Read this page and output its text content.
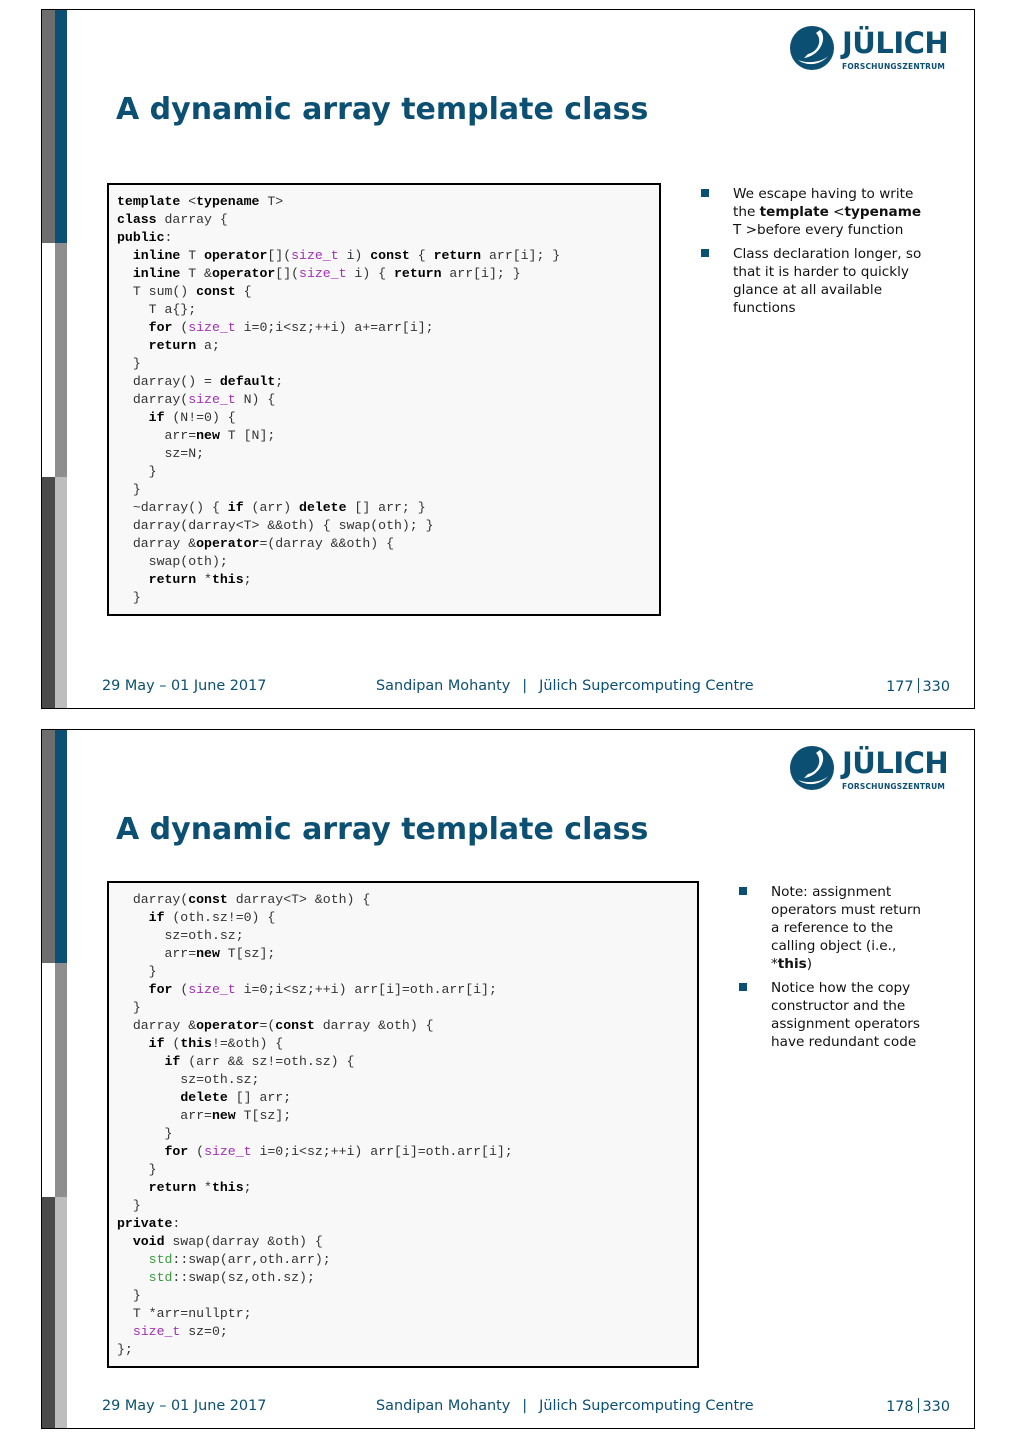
JÜLICH
FORSCHUNGSZENTRUM
A dynamic array template class
template <typename T>
class darray {
public:
inline T operator[](size_t i) const { return arr[i]; }
inline T &operator[](size_t i) { return arr[i]; }
T sum() const {
T a{};
for (size_t i=0;i<sz;++i) a+=arr[i];
return a;
}
darray() = default;
darray(size_t N) {
if (N!=0) {
arr=new T [N];
sz=N;
}
}
~darray() { if (arr) delete [] arr; }
darray(darray<T> &&oth) { swap(oth); }
darray &operator=(darray &&oth) {
swap(oth);
return *this;
}
We escape having to write the template <typename T >before every function
Class declaration longer, so that it is harder to quickly glance at all available functions
29 May – 01 June 2017	Sandipan Mohanty | Jülich Supercomputing Centre	177 330
JÜLICH
FORSCHUNGSZENTRUM
A dynamic array template class
darray(const darray<T> &oth) {
if (oth.sz!=0) {
sz=oth.sz;
arr=new T[sz];
}
for (size_t i=0;i<sz;++i) arr[i]=oth.arr[i];
}
darray &operator=(const darray &oth) {
if (this!=&oth) {
if (arr && sz!=oth.sz) {
sz=oth.sz;
delete [] arr;
arr=new T[sz];
}
for (size_t i=0;i<sz;++i) arr[i]=oth.arr[i];
}
return *this;
}
private:
void swap(darray &oth) {
std::swap(arr,oth.arr);
std::swap(sz,oth.sz);
}
T *arr=nullptr;
size_t sz=0;
};
Note: assignment operators must return a reference to the calling object (i.e., *this)
Notice how the copy constructor and the assignment operators have redundant code
29 May – 01 June 2017	Sandipan Mohanty | Jülich Supercomputing Centre	178 330
